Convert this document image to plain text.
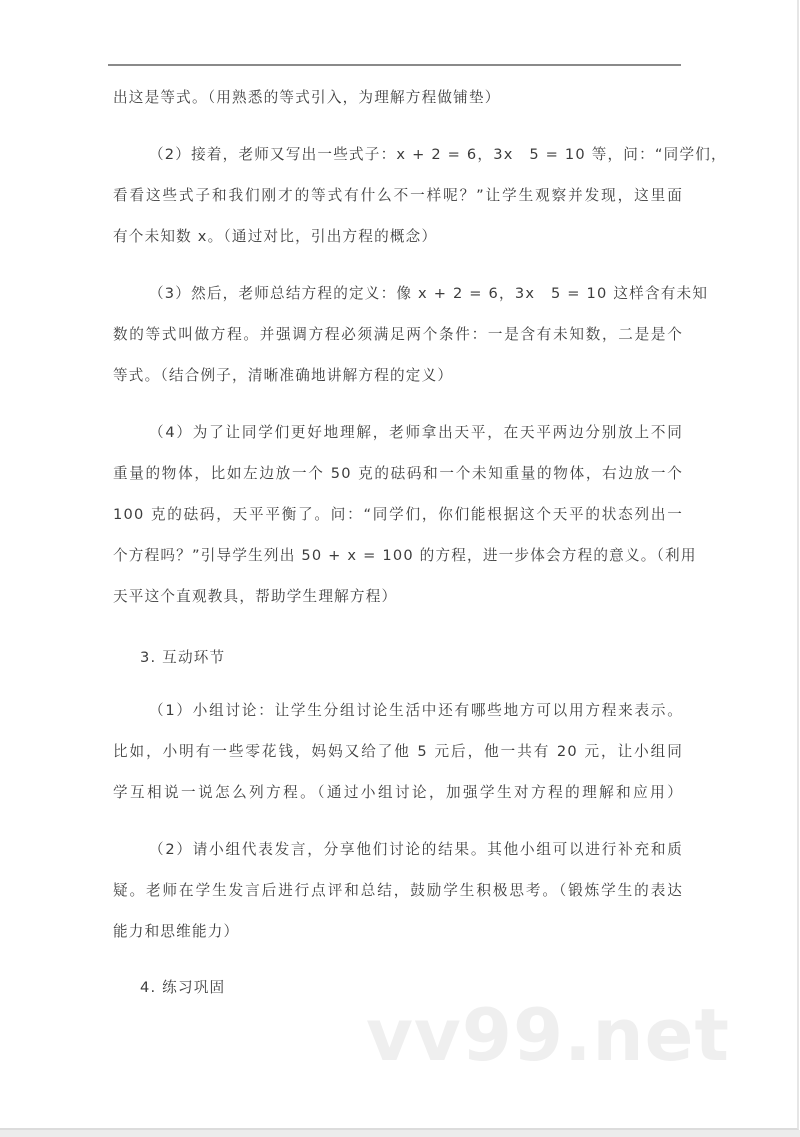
出这是等式。（用熟悉的等式引入，为理解方程做铺垫）
（2）接着，老师又写出一些式子：x + 2 = 6，3x　5 = 10 等，问：“同学们，
看看这些式子和我们刚才的等式有什么不一样呢？”让学生观察并发现，这里面
有个未知数 x。（通过对比，引出方程的概念）
（3）然后，老师总结方程的定义：像 x + 2 = 6，3x　5 = 10 这样含有未知
数的等式叫做方程。并强调方程必须满足两个条件：一是含有未知数，二是是个
等式。（结合例子，清晰准确地讲解方程的定义）
（4）为了让同学们更好地理解，老师拿出天平，在天平两边分别放上不同
重量的物体，比如左边放一个 50 克的砝码和一个未知重量的物体，右边放一个
100 克的砝码，天平平衡了。问：“同学们，你们能根据这个天平的状态列出一
个方程吗？”引导学生列出 50 + x = 100 的方程，进一步体会方程的意义。（利用
天平这个直观教具，帮助学生理解方程）
3. 互动环节
（1）小组讨论：让学生分组讨论生活中还有哪些地方可以用方程来表示。
比如，小明有一些零花钱，妈妈又给了他 5 元后，他一共有 20 元，让小组同
学互相说一说怎么列方程。（通过小组讨论，加强学生对方程的理解和应用）
（2）请小组代表发言，分享他们讨论的结果。其他小组可以进行补充和质
疑。老师在学生发言后进行点评和总结，鼓励学生积极思考。（锻炼学生的表达
能力和思维能力）
4. 练习巩固
vv99.net
